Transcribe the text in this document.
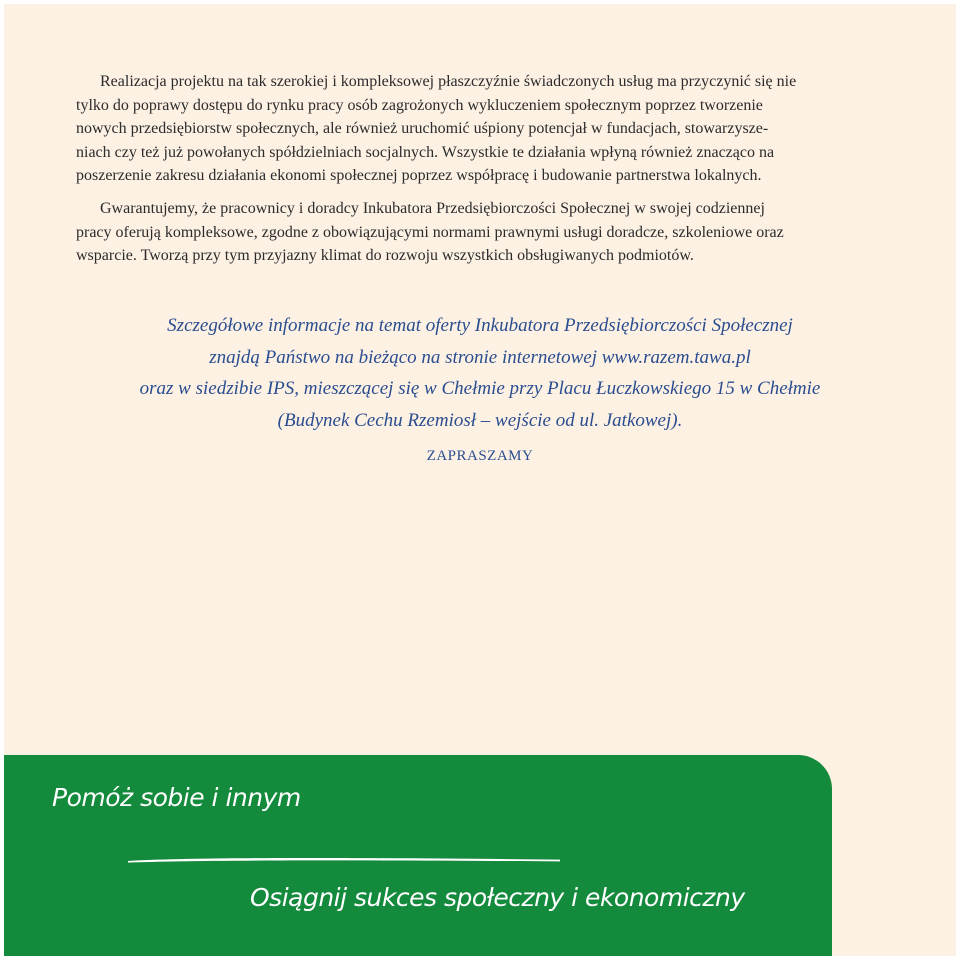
Realizacja projektu na tak szerokiej i kompleksowej płaszczyźnie świadczonych usług ma przyczynić się nie
tylko do poprawy dostępu do rynku pracy osób zagrożonych wykluczeniem społecznym poprzez tworzenie
nowych przedsiębiorstw społecznych, ale również uruchomić uśpiony potencjał w fundacjach, stowarzysze-
niach czy też już powołanych spółdzielniach socjalnych. Wszystkie te działania wpłyną również znacząco na
poszerzenie zakresu działania ekonomi społecznej poprzez współpracę i budowanie partnerstwa lokalnych.

Gwarantujemy, że pracownicy i doradcy Inkubatora Przedsiębiorczości Społecznej w swojej codziennej
pracy oferują kompleksowe, zgodne z obowiązującymi normami prawnymi usługi doradcze, szkoleniowe oraz
wsparcie. Tworzą przy tym przyjazny klimat do rozwoju wszystkich obsługiwanych podmiotów.

Szczegółowe informacje na temat oferty Inkubatora Przedsiębiorczości Społecznej
znajdą Państwo na bieżąco na stronie internetowej www.razem.tawa.pl
oraz w siedzibie IPS, mieszczącej się w Chełmie przy Placu Łuczkowskiego 15 w Chełmie
(Budynek Cechu Rzemiosł – wejście od ul. Jatkowej).
ZAPRASZAMY
Pomóż sobie i innym
Osiągnij sukces społeczny i ekonomiczny
